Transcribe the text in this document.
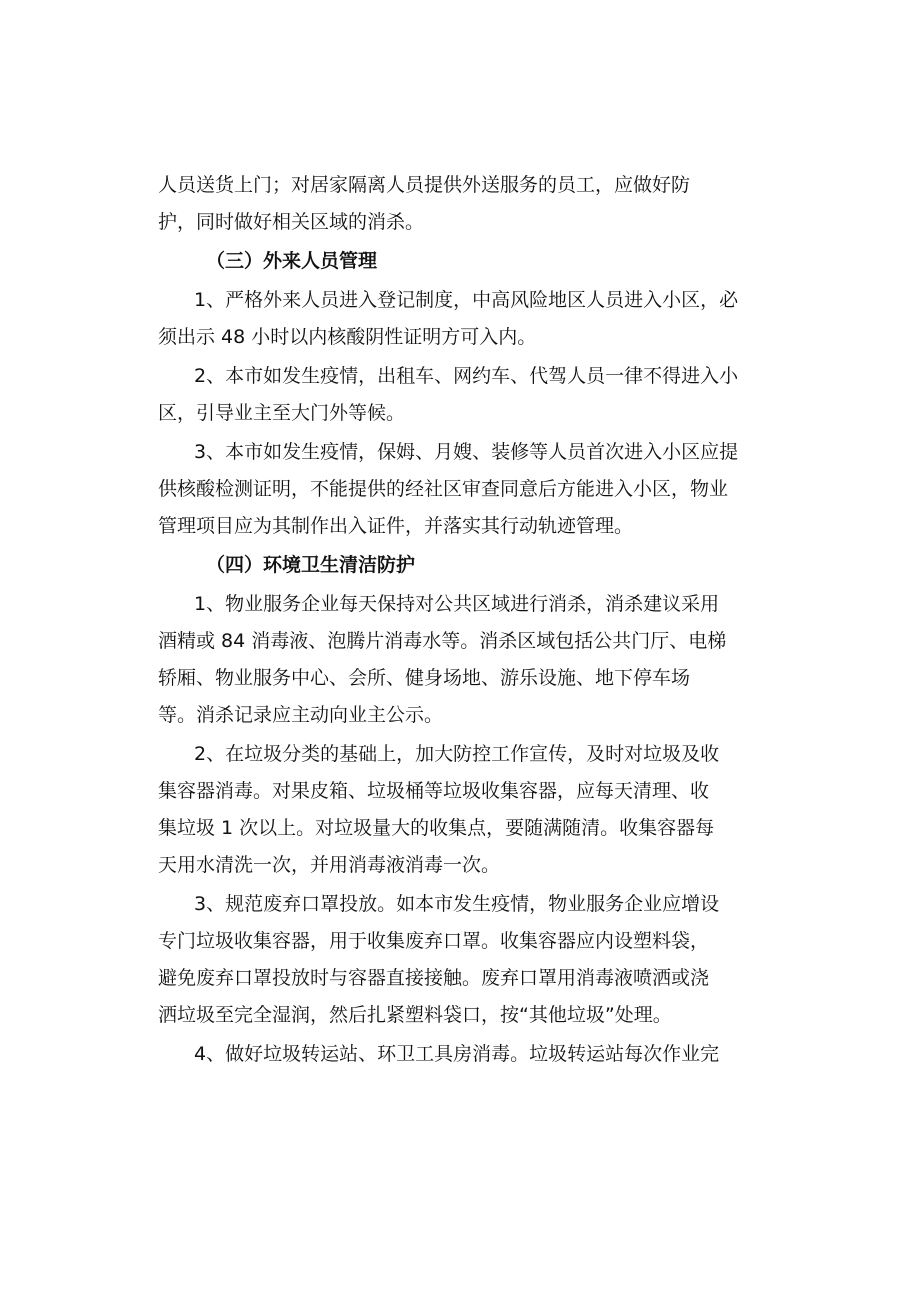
人员送货上门；对居家隔离人员提供外送服务的员工，应做好防
护，同时做好相关区域的消杀。
（三）外来人员管理
1、严格外来人员进入登记制度，中高风险地区人员进入小区，必
须出示 48 小时以内核酸阴性证明方可入内。
2、本市如发生疫情，出租车、网约车、代驾人员一律不得进入小
区，引导业主至大门外等候。
3、本市如发生疫情，保姆、月嫂、装修等人员首次进入小区应提
供核酸检测证明，不能提供的经社区审查同意后方能进入小区，物业
管理项目应为其制作出入证件，并落实其行动轨迹管理。
（四）环境卫生清洁防护
1、物业服务企业每天保持对公共区域进行消杀，消杀建议采用
酒精或 84 消毒液、泡腾片消毒水等。消杀区域包括公共门厅、电梯
轿厢、物业服务中心、会所、健身场地、游乐设施、地下停车场
等。消杀记录应主动向业主公示。
2、在垃圾分类的基础上，加大防控工作宣传，及时对垃圾及收
集容器消毒。对果皮箱、垃圾桶等垃圾收集容器，应每天清理、收
集垃圾 1 次以上。对垃圾量大的收集点，要随满随清。收集容器每
天用水清洗一次，并用消毒液消毒一次。
3、规范废弃口罩投放。如本市发生疫情，物业服务企业应增设
专门垃圾收集容器，用于收集废弃口罩。收集容器应内设塑料袋，
避免废弃口罩投放时与容器直接接触。废弃口罩用消毒液喷洒或浇
洒垃圾至完全湿润，然后扎紧塑料袋口，按“其他垃圾”处理。
4、做好垃圾转运站、环卫工具房消毒。垃圾转运站每次作业完
